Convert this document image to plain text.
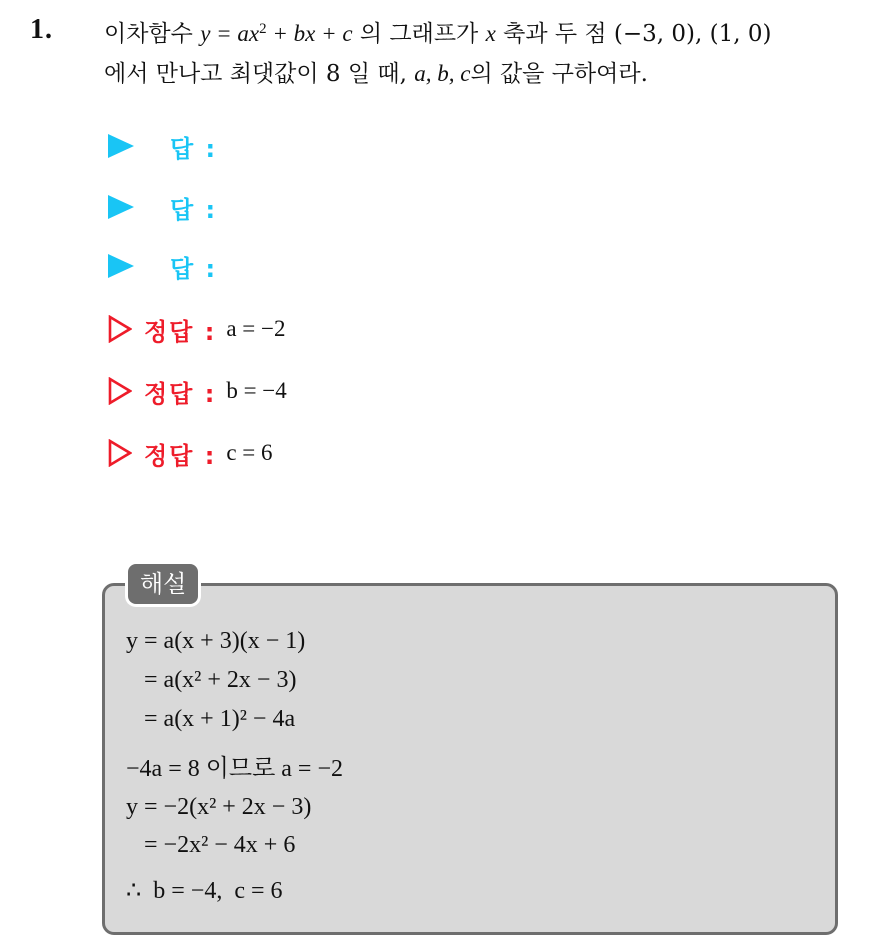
1. 이차함수 $y = ax^2$ + bx + c 의 그래프가 x 축과 두 점 (−3, 0), (1, 0)
에서 만나고 최댓값이 8 일 때, a, b, c의 값을 구하여라.
답 :
답 :
답 :
정답 : a = −2
정답 : b = −4
정답 : c = 6
해설
y = a(x + 3)(x − 1)
= a(x² + 2x − 3)
= a(x + 1)² − 4a
−4a = 8 이므로 a = −2
y = −2(x² + 2x − 3)
= −2x² − 4x + 6
∴  b = −4,  c = 6
